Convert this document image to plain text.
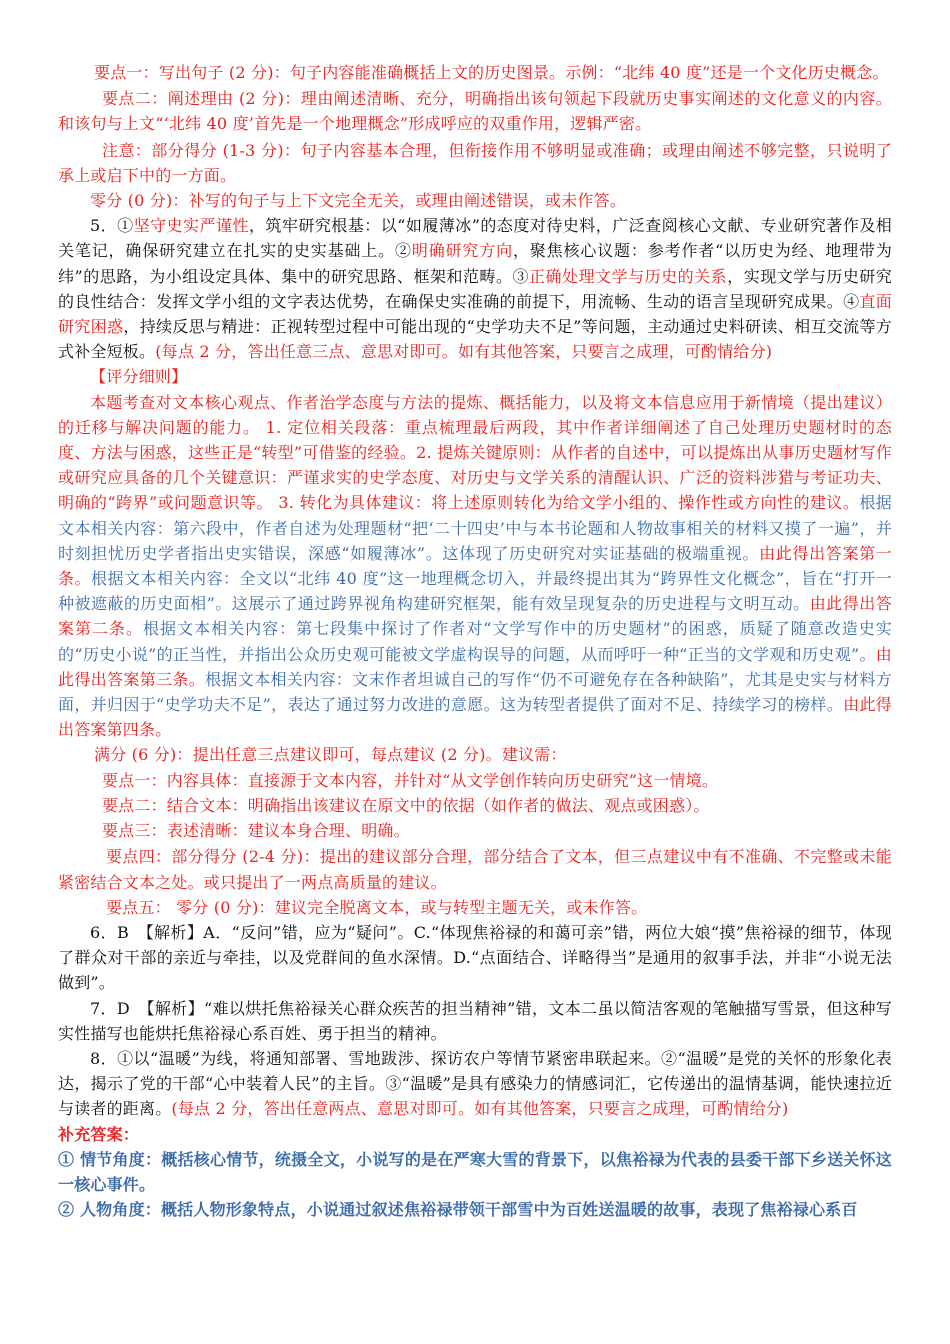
要点一：写出句子 (2 分)：句子内容能准确概括上文的历史图景。示例：“北纬 40 度”还是一个文化历史概念。

要点二：阐述理由 (2 分)：理由阐述清晰、充分，明确指出该句领起下段就历史事实阐述的文化意义的内容。和该句与上文“‘北纬 40 度’首先是一个地理概念”形成呼应的双重作用，逻辑严密。

注意：部分得分 (1-3 分)：句子内容基本合理，但衔接作用不够明显或准确；或理由阐述不够完整，只说明了承上或启下中的一方面。

零分 (0 分)：补写的句子与上下文完全无关，或理由阐述错误，或未作答。

5．①坚守史实严谨性，筑牢研究根基：以“如履薄冰”的态度对待史料，广泛查阅核心文献、专业研究著作及相关笔记，确保研究建立在扎实的史实基础上。②明确研究方向，聚焦核心议题：参考作者“以历史为经、地理带为纬”的思路，为小组设定具体、集中的研究思路、框架和范畴。③正确处理文学与历史的关系，实现文学与历史研究的良性结合：发挥文学小组的文字表达优势，在确保史实准确的前提下，用流畅、生动的语言呈现研究成果。④直面研究困惑，持续反思与精进：正视转型过程中可能出现的“史学功夫不足”等问题，主动通过史料研读、相互交流等方式补全短板。(每点 2 分，答出任意三点、意思对即可。如有其他答案，只要言之成理，可酌情给分)

【评分细则】

本题考查对文本核心观点、作者治学态度与方法的提炼、概括能力，以及将文本信息应用于新情境（提出建议）的迁移与解决问题的能力。 1. 定位相关段落：重点梳理最后两段，其中作者详细阐述了自己处理历史题材时的态度、方法与困惑，这些正是“转型”可借鉴的经验。2. 提炼关键原则：从作者的自述中，可以提炼出从事历史题材写作或研究应具备的几个关键意识：严谨求实的史学态度、对历史与文学关系的清醒认识、广泛的资料涉猎与考证功夫、明确的“跨界”或问题意识等。 3. 转化为具体建议：将上述原则转化为给文学小组的、操作性或方向性的建议。根据文本相关内容：第六段中，作者自述为处理题材“把‘二十四史’中与本书论题和人物故事相关的材料又摸了一遍”，并时刻担忧历史学者指出史实错误，深感“如履薄冰”。这体现了历史研究对实证基础的极端重视。由此得出答案第一条。根据文本相关内容：全文以“北纬 40 度”这一地理概念切入，并最终提出其为“跨界性文化概念”，旨在“打开一种被遮蔽的历史面相”。这展示了通过跨界视角构建研究框架，能有效呈现复杂的历史进程与文明互动。由此得出答案第二条。根据文本相关内容：第七段集中探讨了作者对“文学写作中的历史题材”的困惑，质疑了随意改造史实的“历史小说”的正当性，并指出公众历史观可能被文学虚构误导的问题，从而呼吁一种“正当的文学观和历史观”。由此得出答案第三条。根据文本相关内容：文末作者坦诚自己的写作“仍不可避免存在各种缺陷”，尤其是史实与材料方面，并归因于“史学功夫不足”，表达了通过努力改进的意愿。这为转型者提供了面对不足、持续学习的榜样。由此得出答案第四条。

满分 (6 分)：提出任意三点建议即可，每点建议 (2 分)。建议需：

要点一：内容具体：直接源于文本内容，并针对“从文学创作转向历史研究”这一情境。

要点二：结合文本：明确指出该建议在原文中的依据（如作者的做法、观点或困惑）。

要点三：表述清晰：建议本身合理、明确。

要点四：部分得分 (2-4 分)：提出的建议部分合理，部分结合了文本，但三点建议中有不准确、不完整或未能紧密结合文本之处。或只提出了一两点高质量的建议。

要点五： 零分 (0 分)：建议完全脱离文本，或与转型主题无关，或未作答。

6．B　【解析】A．“反问”错，应为“疑问”。C.“体现焦裕禄的和蔼可亲”错，两位大娘“摸”焦裕禄的细节，体现了群众对干部的亲近与牵挂，以及党群间的鱼水深情。D.“点面结合、详略得当”是通用的叙事手法，并非“小说无法做到”。

7．D　【解析】“难以烘托焦裕禄关心群众疾苦的担当精神”错，文本二虽以简洁客观的笔触描写雪景，但这种写实性描写也能烘托焦裕禄心系百姓、勇于担当的精神。

8．①以“温暖”为线，将通知部署、雪地跋涉、探访农户等情节紧密串联起来。②“温暖”是党的关怀的形象化表达，揭示了党的干部“心中装着人民”的主旨。③“温暖”是具有感染力的情感词汇，它传递出的温情基调，能快速拉近与读者的距离。(每点 2 分，答出任意两点、意思对即可。如有其他答案，只要言之成理，可酌情给分)

补充答案：

① 情节角度：概括核心情节，统摄全文，小说写的是在严寒大雪的背景下，以焦裕禄为代表的县委干部下乡送关怀这一核心事件。

② 人物角度：概括人物形象特点，小说通过叙述焦裕禄带领干部雪中为百姓送温暖的故事，表现了焦裕禄心系百
